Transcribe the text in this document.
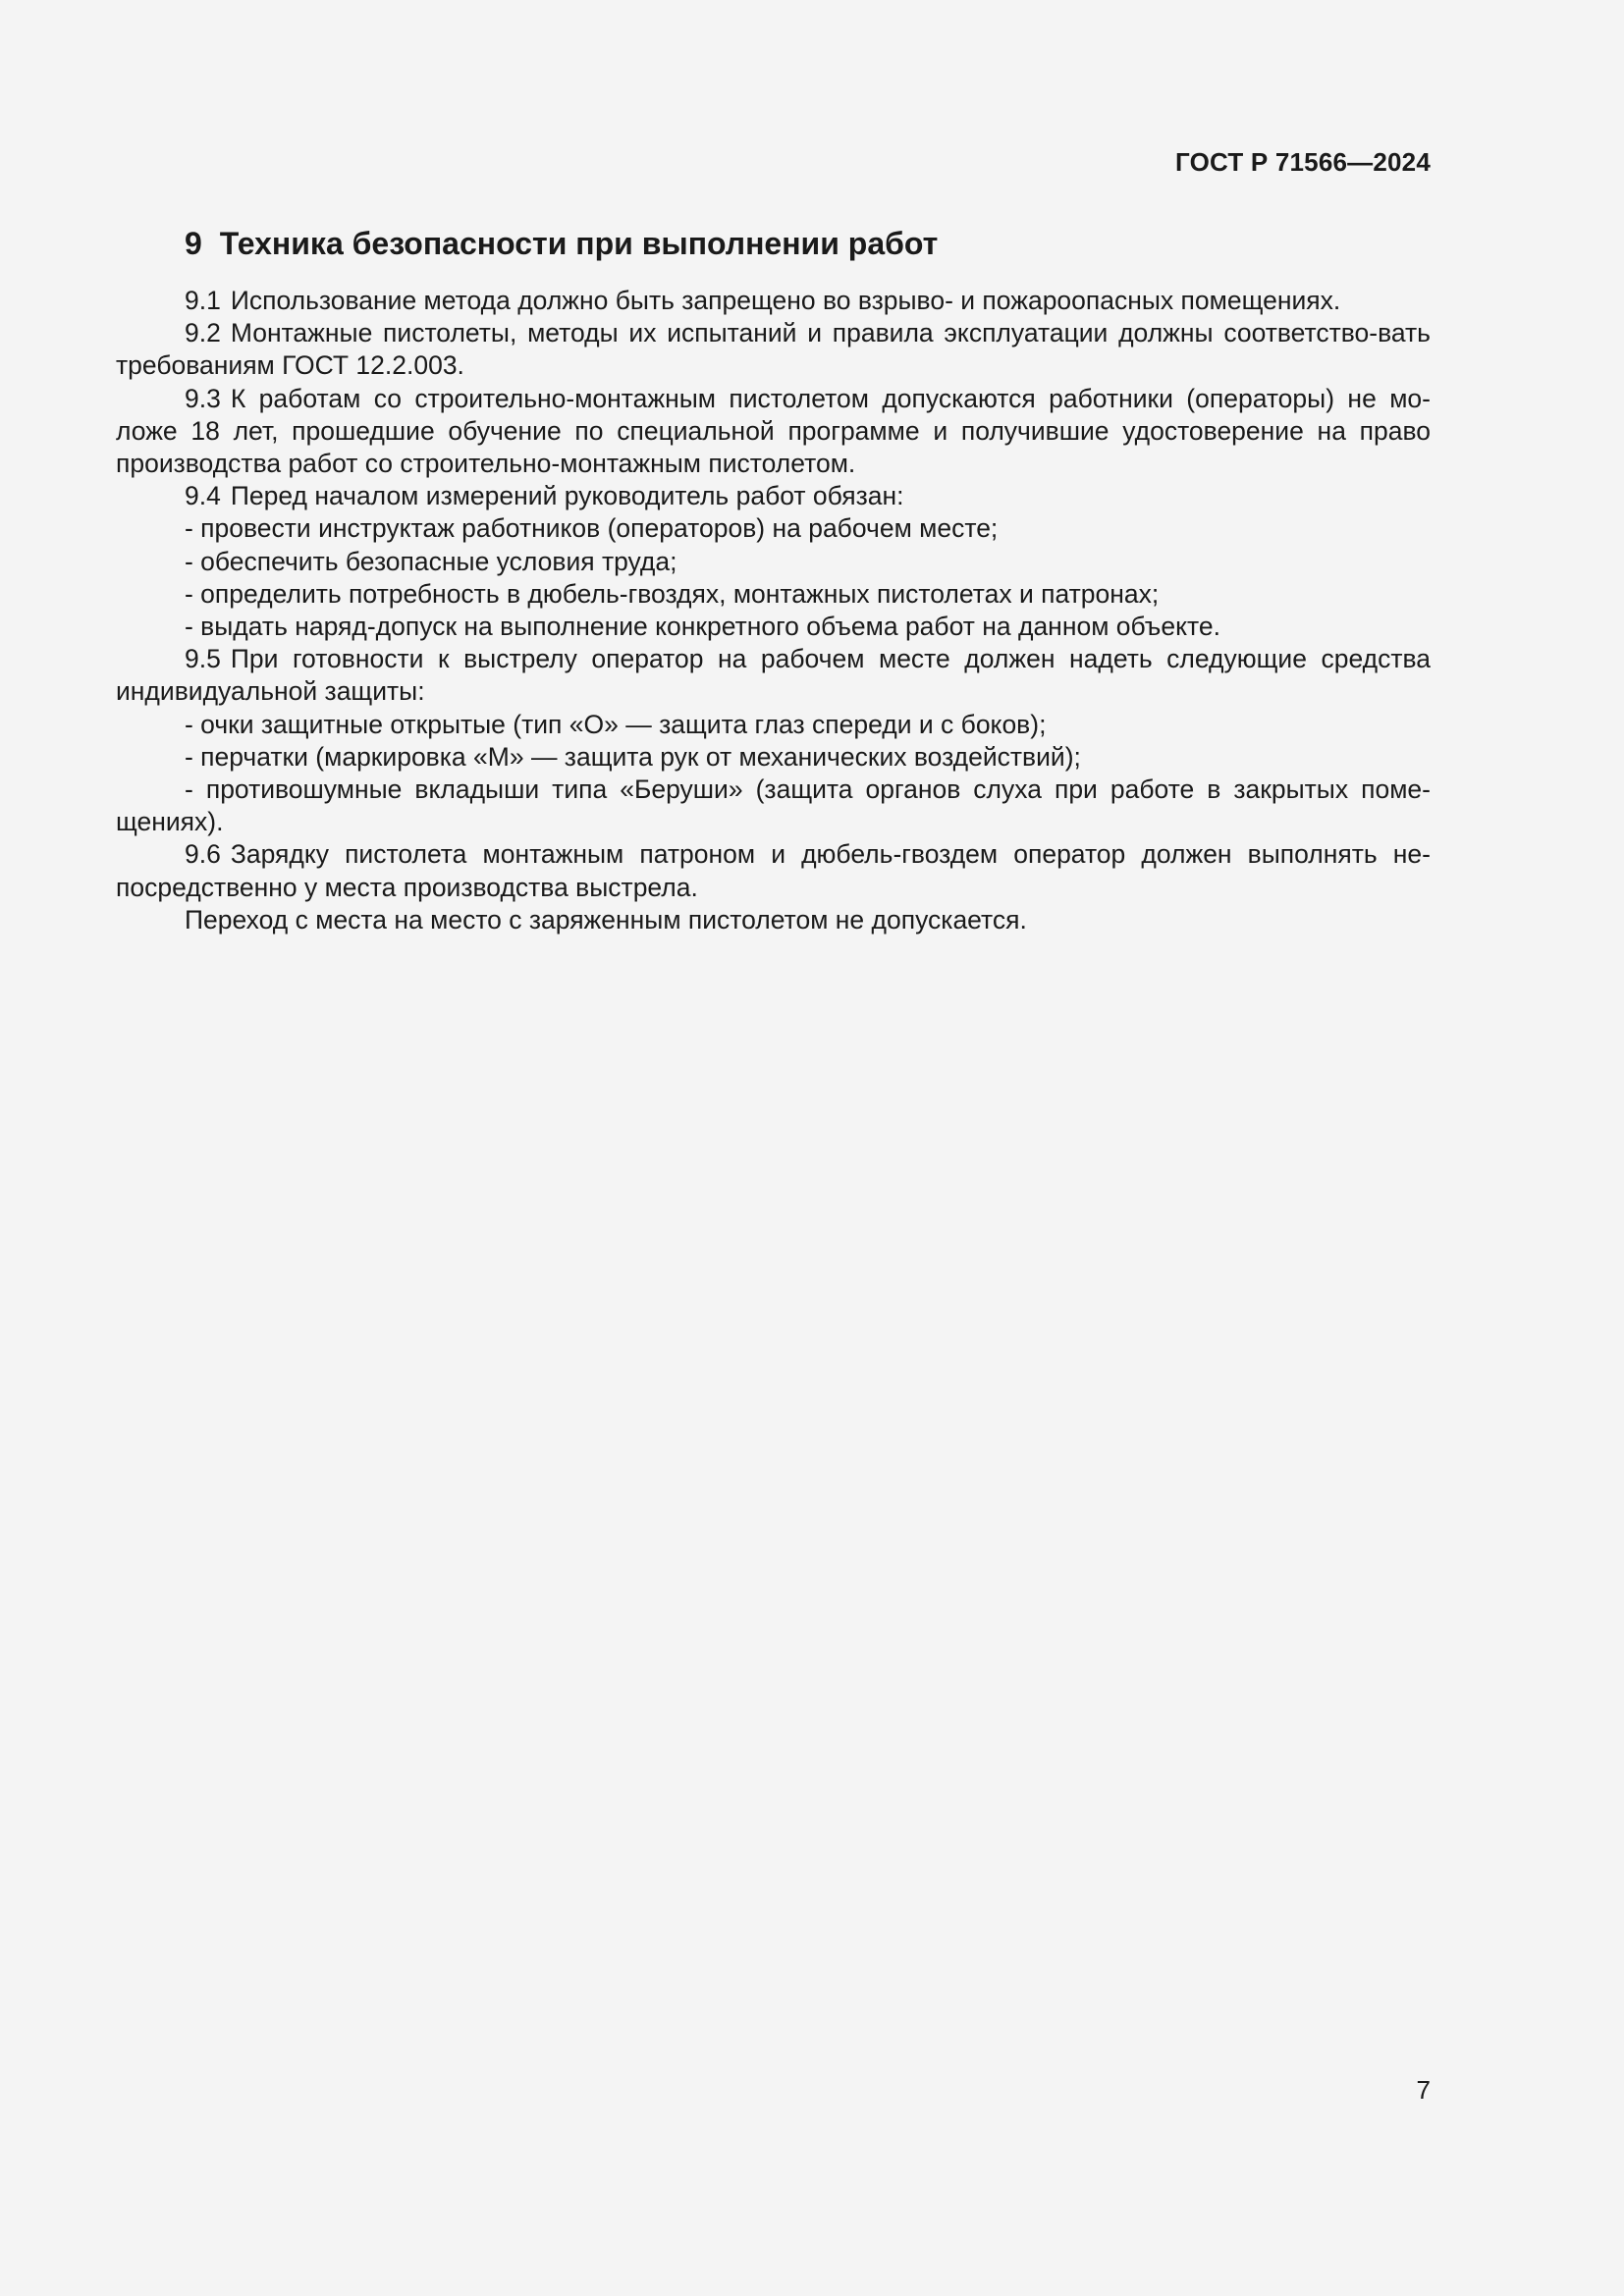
ГОСТ Р 71566—2024
9 Техника безопасности при выполнении работ

9.1 Использование метода должно быть запрещено во взрыво- и пожароопасных помещениях.

9.2 Монтажные пистолеты, методы их испытаний и правила эксплуатации должны соответство-вать требованиям ГОСТ 12.2.003.

9.3 К работам со строительно-монтажным пистолетом допускаются работники (операторы) не мо-ложе 18 лет, прошедшие обучение по специальной программе и получившие удостоверение на право производства работ со строительно-монтажным пистолетом.

9.4 Перед началом измерений руководитель работ обязан:

- провести инструктаж работников (операторов) на рабочем месте;

- обеспечить безопасные условия труда;

- определить потребность в дюбель-гвоздях, монтажных пистолетах и патронах;

- выдать наряд-допуск на выполнение конкретного объема работ на данном объекте.

9.5 При готовности к выстрелу оператор на рабочем месте должен надеть следующие средства индивидуальной защиты:

- очки защитные открытые (тип «О» — защита глаз спереди и с боков);

- перчатки (маркировка «М» — защита рук от механических воздействий);

- противошумные вкладыши типа «Беруши» (защита органов слуха при работе в закрытых поме-щениях).

9.6 Зарядку пистолета монтажным патроном и дюбель-гвоздем оператор должен выполнять не-посредственно у места производства выстрела.

Переход с места на место с заряженным пистолетом не допускается.

7
